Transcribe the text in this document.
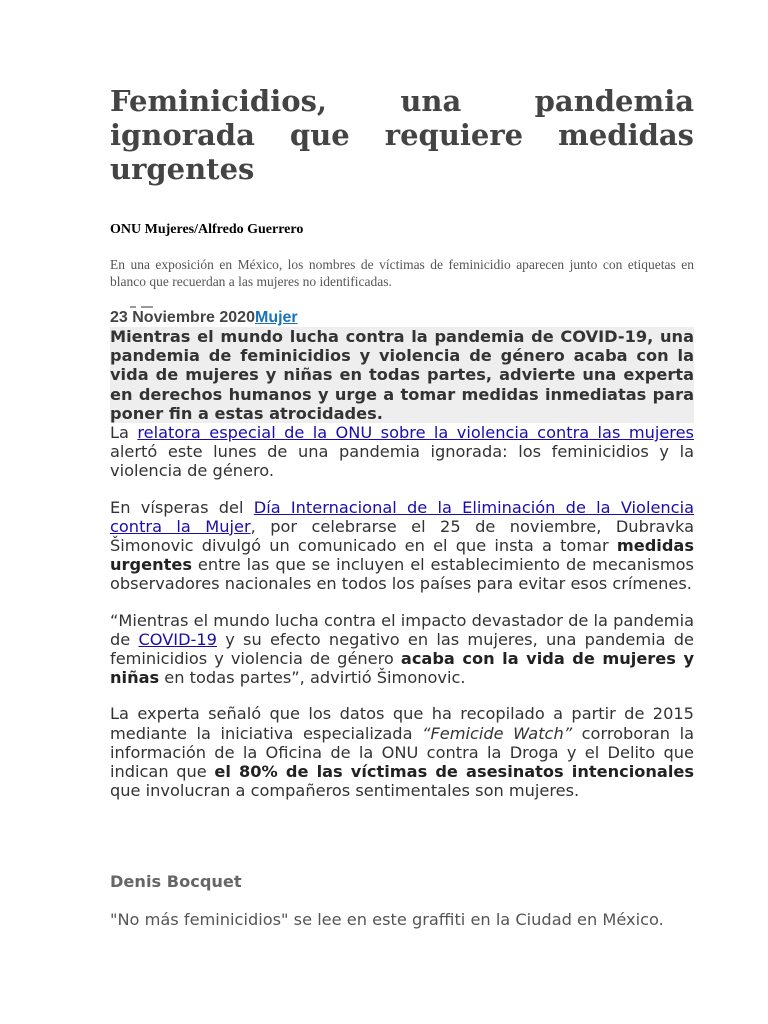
Feminicidios, una pandemia ignorada que requiere medidas urgentes
ONU Mujeres/Alfredo Guerrero
En una exposición en México, los nombres de víctimas de feminicidio aparecen junto con etiquetas en blanco que recuerdan a las mujeres no identificadas.
23 Noviembre 2020Mujer

Mientras el mundo lucha contra la pandemia de COVID-19, una pandemia de feminicidios y violencia de género acaba con la vida de mujeres y niñas en todas partes, advierte una experta en derechos humanos y urge a tomar medidas inmediatas para poner fin a estas atrocidades.

La relatora especial de la ONU sobre la violencia contra las mujeres alertó este lunes de una pandemia ignorada: los feminicidios y la violencia de género.

En vísperas del Día Internacional de la Eliminación de la Violencia contra la Mujer, por celebrarse el 25 de noviembre, Dubravka Šimonovic divulgó un comunicado en el que insta a tomar medidas urgentes entre las que se incluyen el establecimiento de mecanismos observadores nacionales en todos los países para evitar esos crímenes.

“Mientras el mundo lucha contra el impacto devastador de la pandemia de COVID-19 y su efecto negativo en las mujeres, una pandemia de feminicidios y violencia de género acaba con la vida de mujeres y niñas en todas partes”, advirtió Šimonovic.

La experta señaló que los datos que ha recopilado a partir de 2015 mediante la iniciativa especializada “Femicide Watch” corroboran la información de la Oficina de la ONU contra la Droga y el Delito que indican que el 80% de las víctimas de asesinatos intencionales que involucran a compañeros sentimentales son mujeres.

Denis Bocquet

"No más feminicidios" se lee en este graffiti en la Ciudad en México.
